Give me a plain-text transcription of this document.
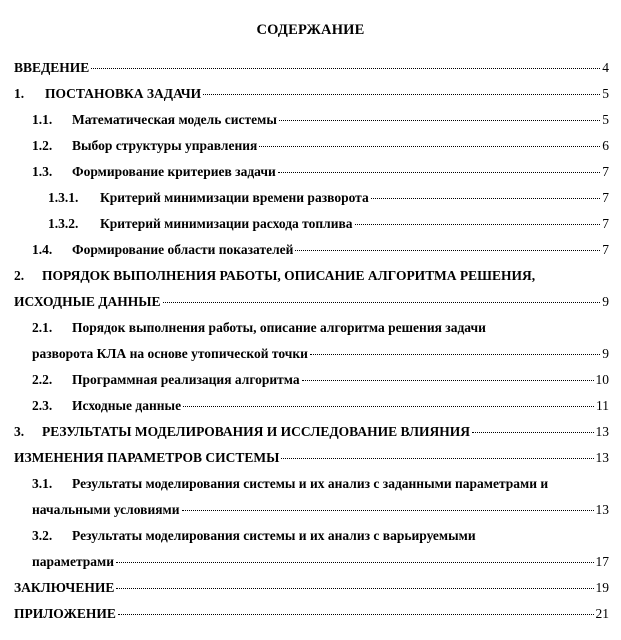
СОДЕРЖАНИЕ
ВВЕДЕНИЕ	4
1.	ПОСТАНОВКА ЗАДАЧИ	5
1.1.	Математическая модель системы	5
1.2.	Выбор структуры управления	6
1.3.	Формирование критериев задачи	7
1.3.1.	Критерий минимизации времени разворота	7
1.3.2.	Критерий минимизации расхода топлива	7
1.4.	Формирование области показателей	7
2. ПОРЯДОК ВЫПОЛНЕНИЯ РАБОТЫ, ОПИСАНИЕ АЛГОРИТМА РЕШЕНИЯ,
ИСХОДНЫЕ ДАННЫЕ	9
2.1. Порядок выполнения работы, описание алгоритма решения задачи
разворота КЛА на основе утопической точки	9
2.2.	Программная реализация алгоритма	10
2.3.	Исходные данные	11
3.	РЕЗУЛЬТАТЫ МОДЕЛИРОВАНИЯ И ИССЛЕДОВАНИЕ ВЛИЯНИЯ	13
ИЗМЕНЕНИЯ ПАРАМЕТРОВ СИСТЕМЫ	13
3.1. Результаты моделирования системы и их анализ с заданными параметрами и
начальными условиями	13
3.2. Результаты моделирования системы и их анализ с варьируемыми
параметрами	17
ЗАКЛЮЧЕНИЕ	19
ПРИЛОЖЕНИЕ	21
